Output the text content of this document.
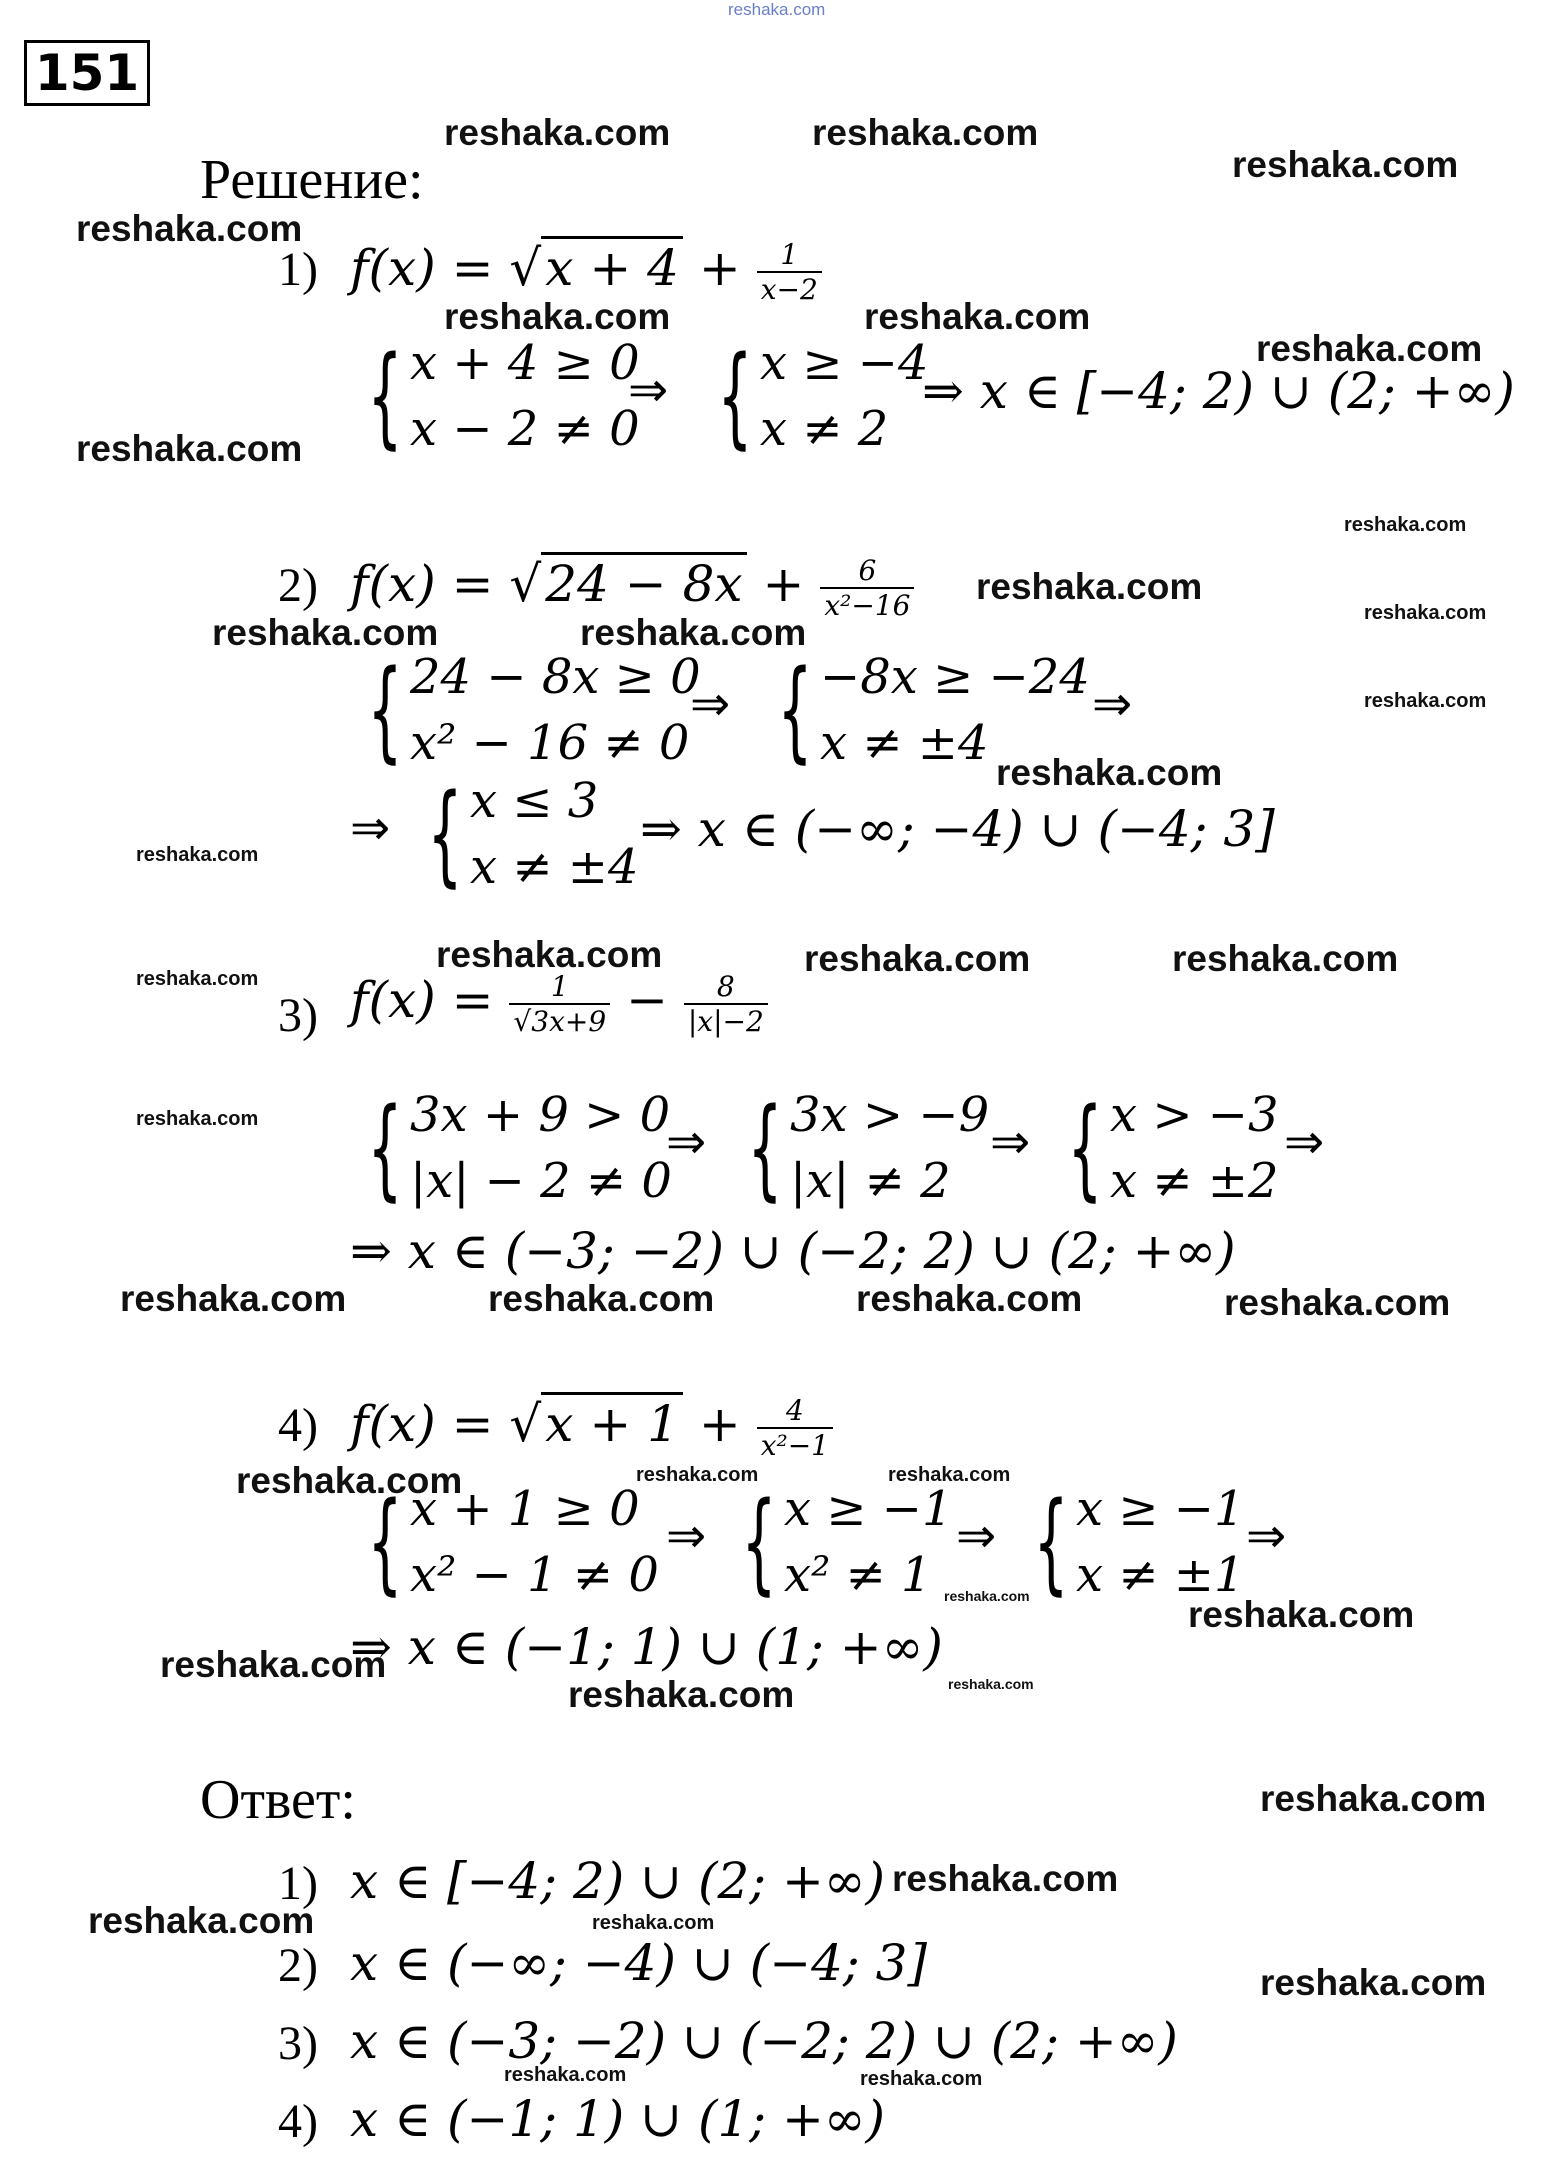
151
Решение:
1) $f(x) = √x + 4 + \frac{1}{x-2}$
{ x + 4 ≥ 0
x − 2 ≠ 0
⇒ { x ≥ −4
x ≠ 2
⇒ x ∈ [−4; 2) ∪ (2; +∞)
2) $f(x) = √24 - 8x + \frac{6}{\text{x²−16}}$
{ 24 − 8x ≥ 0
x² − 16 ≠ 0
⇒ { −8x ≥ −24
x ≠ ±4
⇒
⇒ { x ≤ 3
x ≠ ±4
⇒ x ∈ (−∞; −4) ∪ (−4; 3]
3) $f(x) = \frac{1}{√3x+9} - \frac{8}{|x|-2}$
{ 3x + 9 > 0
|x| − 2 ≠ 0
⇒ { 3x > −9
|x| ≠ 2
⇒ { x > −3
x ≠ ±2
⇒
⇒ x ∈ (−3; −2) ∪ (−2; 2) ∪ (2; +∞)
4) $f(x) = √x + 1 + \frac{4}{\text{x²−1}}$
{ x + 1 ≥ 0
x² − 1 ≠ 0
⇒ { x ≥ −1
x² ≠ 1
⇒ { x ≥ −1
x ≠ ±1
⇒
⇒ x ∈ (−1; 1) ∪ (1; +∞)
Ответ:
1) x ∈ [−4; 2) ∪ (2; +∞)
2) x ∈ (−∞; −4) ∪ (−4; 3]
3) x ∈ (−3; −2) ∪ (−2; 2) ∪ (2; +∞)
4) x ∈ (−1; 1) ∪ (1; +∞)
reshaka.com
reshaka.com	reshaka.com
reshaka.com
reshaka.com
reshaka.com	reshaka.com
reshaka.com
reshaka.com
reshaka.com
reshaka.com
reshaka.com
reshaka.com
reshaka.com	reshaka.com
reshaka.com
reshaka.com
reshaka.com	reshaka.com	reshaka.com
reshaka.com
reshaka.com
reshaka.com	reshaka.com	reshaka.com	reshaka.com
reshaka.com	reshaka.com	reshaka.com
reshaka.com	reshaka.com
reshaka.com	reshaka.com
reshaka.com
reshaka.com
reshaka.com
reshaka.com	reshaka.com
reshaka.com
reshaka.com	reshaka.com
